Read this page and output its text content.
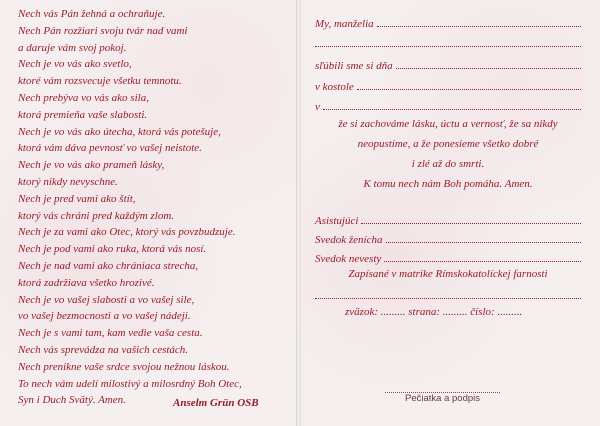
Nech vás Pán žehná a ochraňuje.
Nech Pán rozžiari svoju tvár nad vami
a daruje vám svoj pokoj.
Nech je vo vás ako svetlo,
ktoré vám rozsvecuje všetku temnotu.
Nech prebýva vo vás ako sila,
ktorá premieňa vaše slabosti.
Nech je vo vás ako útecha, ktorá vás potešuje,
ktorá vám dáva pevnosť vo vašej neistote.
Nech je vo vás ako prameň lásky,
ktorý nikdy nevyschne.
Nech je pred vami ako štít,
ktorý vás chráni pred každým zlom.
Nech je za vami ako Otec, ktorý vás povzbudzuje.
Nech je pod vami ako ruka, ktorá vás nosí.
Nech je nad vami ako chrániaca strecha,
ktorá zadržiava všetko hrozivé.
Nech je vo vašej slabosti a vo vašej sile,
vo vašej bezmocnosti a vo vašej nádeji.
Nech je s vami tam, kam vedie vaša cesta.
Nech vás sprevádza na vašich cestách.
Nech prenikne vaše srdce svojou nežnou láskou.
To nech vám udelí milostivý a milosrdný Boh Otec,
Syn i Duch Svätý. Amen.	Anselm Grün OSB
My, manželia
sľúbili sme si dňa
v kostole
v
že si zachováme lásku, úctu a vernosť, že sa nikdy
neopustíme, a že ponesieme všetko dobré
i zlé až do smrti.
K tomu nech nám Boh pomáha. Amen.
Asistujúci
Svedok ženícha
Svedok nevesty
Zapísané v matrike Rímskokatolíckej farnosti
zväzok: ......... strana: ......... číslo: .........
Pečiatka a podpis
